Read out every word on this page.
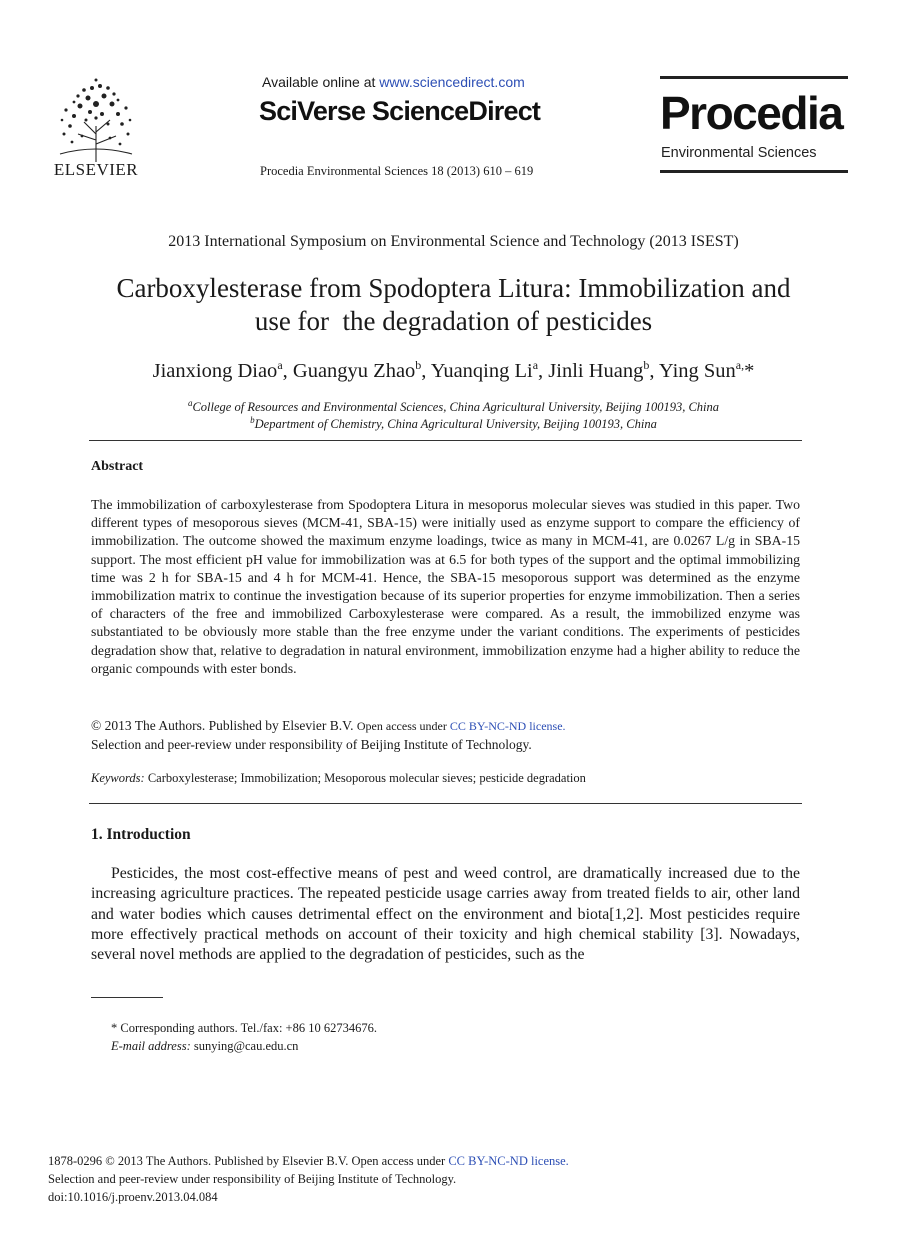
ELSEVIER
Available online at www.sciencedirect.com
SciVerse ScienceDirect
Procedia Environmental Sciences 18 (2013) 610 – 619
Procedia
Environmental Sciences
2013 International Symposium on Environmental Science and Technology (2013 ISEST)
Carboxylesterase from Spodoptera Litura: Immobilization and
use for  the degradation of pesticides
Jianxiong Diao$^a$, Guangyu Zhao$^b$, Yuanqing Li$^a$, Jinli Huang$^b$, Ying Sun$^{a,}$*
$^a$College of Resources and Environmental Sciences, China Agricultural University, Beijing 100193, China
$^b$Department of Chemistry, China Agricultural University, Beijing 100193, China
Abstract
The immobilization of carboxylesterase from Spodoptera Litura in mesoporus molecular sieves was studied in this paper. Two different types of mesoporous sieves (MCM-41, SBA-15) were initially used as enzyme support to compare the efficiency of immobilization. The outcome showed the maximum enzyme loadings, twice as many in MCM-41, are 0.0267 L/g in SBA-15 support. The most efficient pH value for immobilization was at 6.5 for both types of the support and the optimal immobilizing time was 2 h for SBA-15 and 4 h for MCM-41. Hence, the SBA-15 mesoporous support was determined as the enzyme immobilization matrix to continue the investigation because of its superior properties for enzyme immobilization. Then a series of characters of the free and immobilized Carboxylesterase were compared. As a result, the immobilized enzyme was substantiated to be obviously more stable than the free enzyme under the variant conditions. The experiments of pesticides degradation show that, relative to degradation in natural environment, immobilization enzyme had a higher ability to reduce the organic compounds with ester bonds.
© 2013 The Authors. Published by Elsevier B.V. Open access under CC BY-NC-ND license.
Selection and peer-review under responsibility of Beijing Institute of Technology.
Keywords: Carboxylesterase; Immobilization; Mesoporous molecular sieves; pesticide degradation
1. Introduction
Pesticides, the most cost-effective means of pest and weed control, are dramatically increased due to the increasing agriculture practices. The repeated pesticide usage carries away from treated fields to air, other land and water bodies which causes detrimental effect on the environment and biota[1,2]. Most pesticides require more effectively practical methods on account of their toxicity and high chemical stability [3]. Nowadays, several novel methods are applied to the degradation of pesticides, such as the
* Corresponding authors. Tel./fax: +86 10 62734676.
E-mail address: sunying@cau.edu.cn
1878-0296 © 2013 The Authors. Published by Elsevier B.V. Open access under CC BY-NC-ND license.
Selection and peer-review under responsibility of Beijing Institute of Technology.
doi:10.1016/j.proenv.2013.04.084
